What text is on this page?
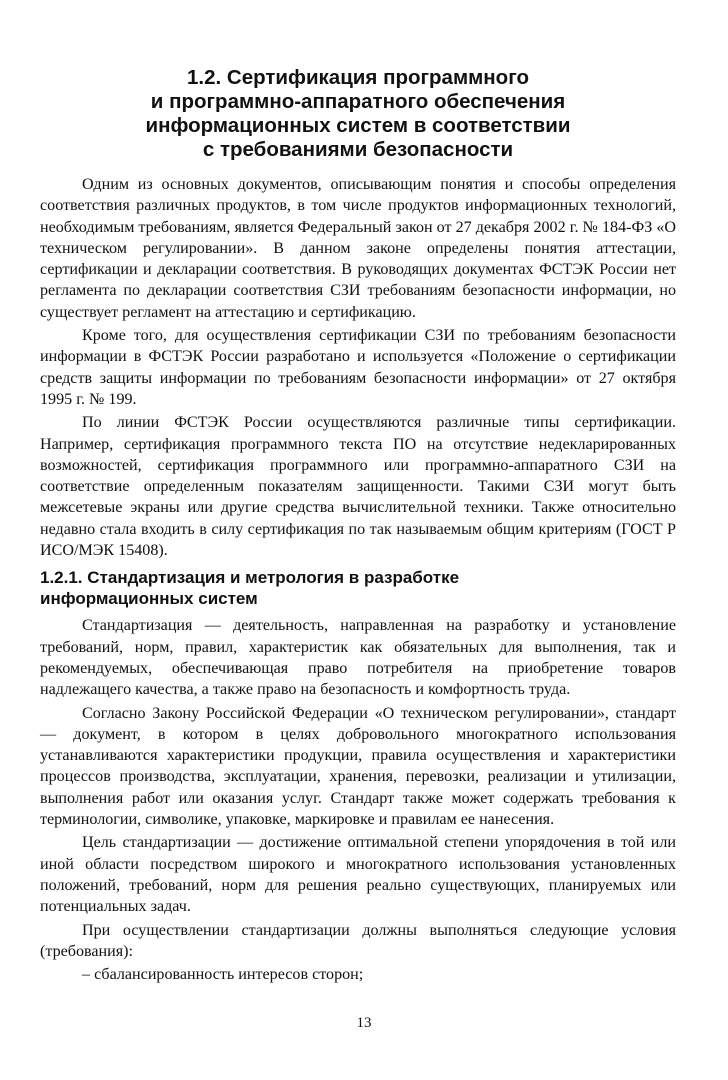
1.2. Сертификация программного
и программно-аппаратного обеспечения
информационных систем в соответствии
с требованиями безопасности

Одним из основных документов, описывающим понятия и способы определения соответствия различных продуктов, в том числе продуктов информационных технологий, необходимым требованиям, является Федеральный закон от 27 декабря 2002 г. № 184-ФЗ «О техническом регулировании». В данном законе определены понятия аттестации, сертификации и декларации соответствия. В руководящих документах ФСТЭК России нет регламента по декларации соответствия СЗИ требованиям безопасности информации, но существует регламент на аттестацию и сертификацию.

Кроме того, для осуществления сертификации СЗИ по требованиям безопасности информации в ФСТЭК России разработано и используется «Положение о сертификации средств защиты информации по требованиям безопасности информации» от 27 октября 1995 г. № 199.

По линии ФСТЭК России осуществляются различные типы сертификации. Например, сертификация программного текста ПО на отсутствие недекларированных возможностей, сертификация программного или программно-аппаратного СЗИ на соответствие определенным показателям защищенности. Такими СЗИ могут быть межсетевые экраны или другие средства вычислительной техники. Также относительно недавно стала входить в силу сертификация по так называемым общим критериям (ГОСТ Р ИСО/МЭК 15408).

1.2.1. Стандартизация и метрология в разработке
информационных систем

Стандартизация — деятельность, направленная на разработку и установление требований, норм, правил, характеристик как обязательных для выполнения, так и рекомендуемых, обеспечивающая право потребителя на приобретение товаров надлежащего качества, а также право на безопасность и комфортность труда.

Согласно Закону Российской Федерации «О техническом регулировании», стандарт — документ, в котором в целях добровольного многократного использования устанавливаются характеристики продукции, правила осуществления и характеристики процессов производства, эксплуатации, хранения, перевозки, реализации и утилизации, выполнения работ или оказания услуг. Стандарт также может содержать требования к терминологии, символике, упаковке, маркировке и правилам ее нанесения.

Цель стандартизации — достижение оптимальной степени упорядочения в той или иной области посредством широкого и многократного использования установленных положений, требований, норм для решения реально существующих, планируемых или потенциальных задач.

При осуществлении стандартизации должны выполняться следующие условия (требования):

– сбалансированность интересов сторон;

13
